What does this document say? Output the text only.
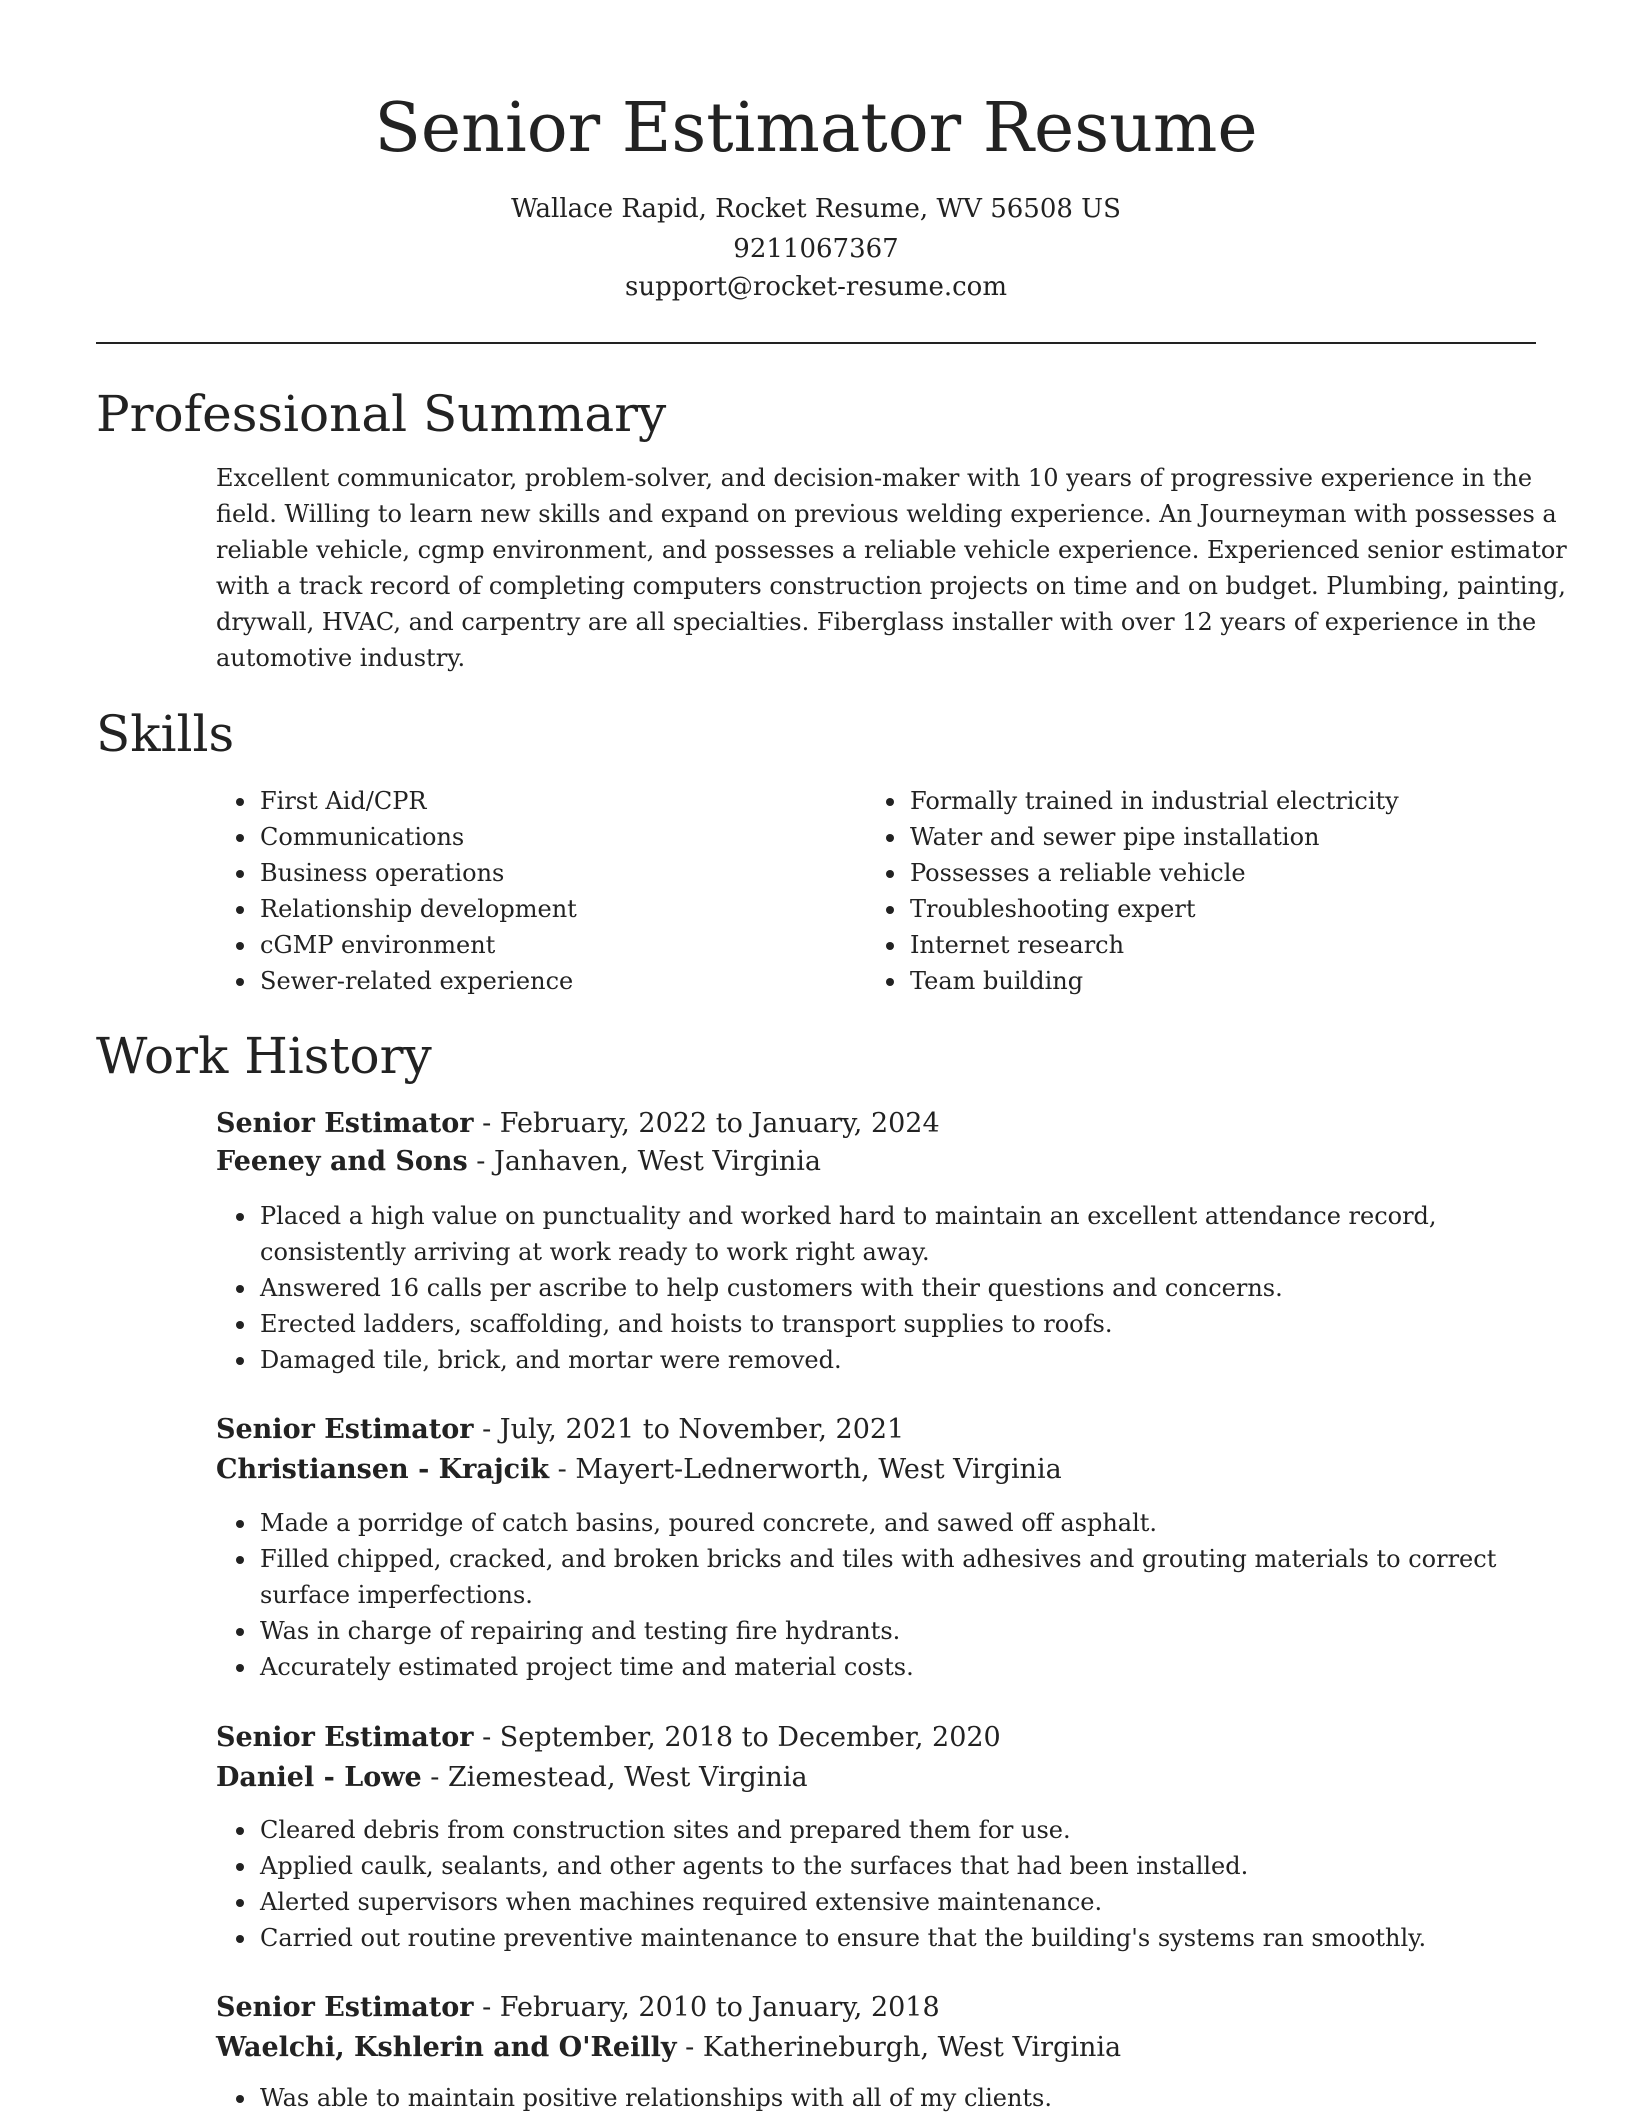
Senior Estimator Resume
Wallace Rapid, Rocket Resume, WV 56508 US
9211067367
support@rocket-resume.com
Professional Summary
Excellent communicator, problem-solver, and decision-maker with 10 years of progressive experience in the
field. Willing to learn new skills and expand on previous welding experience. An Journeyman with possesses a
reliable vehicle, cgmp environment, and possesses a reliable vehicle experience. Experienced senior estimator
with a track record of completing computers construction projects on time and on budget. Plumbing, painting,
drywall, HVAC, and carpentry are all specialties. Fiberglass installer with over 12 years of experience in the
automotive industry.
Skills
First Aid/CPR
Communications
Business operations
Relationship development
cGMP environment
Sewer-related experience
Formally trained in industrial electricity
Water and sewer pipe installation
Possesses a reliable vehicle
Troubleshooting expert
Internet research
Team building
Work History
Senior Estimator - February, 2022 to January, 2024
Feeney and Sons - Janhaven, West Virginia
Placed a high value on punctuality and worked hard to maintain an excellent attendance record,
consistently arriving at work ready to work right away.
Answered 16 calls per ascribe to help customers with their questions and concerns.
Erected ladders, scaffolding, and hoists to transport supplies to roofs.
Damaged tile, brick, and mortar were removed.
Senior Estimator - July, 2021 to November, 2021
Christiansen - Krajcik - Mayert-Lednerworth, West Virginia
Made a porridge of catch basins, poured concrete, and sawed off asphalt.
Filled chipped, cracked, and broken bricks and tiles with adhesives and grouting materials to correct
surface imperfections.
Was in charge of repairing and testing fire hydrants.
Accurately estimated project time and material costs.
Senior Estimator - September, 2018 to December, 2020
Daniel - Lowe - Ziemestead, West Virginia
Cleared debris from construction sites and prepared them for use.
Applied caulk, sealants, and other agents to the surfaces that had been installed.
Alerted supervisors when machines required extensive maintenance.
Carried out routine preventive maintenance to ensure that the building's systems ran smoothly.
Senior Estimator - February, 2010 to January, 2018
Waelchi, Kshlerin and O'Reilly - Katherineburgh, West Virginia
Was able to maintain positive relationships with all of my clients.
